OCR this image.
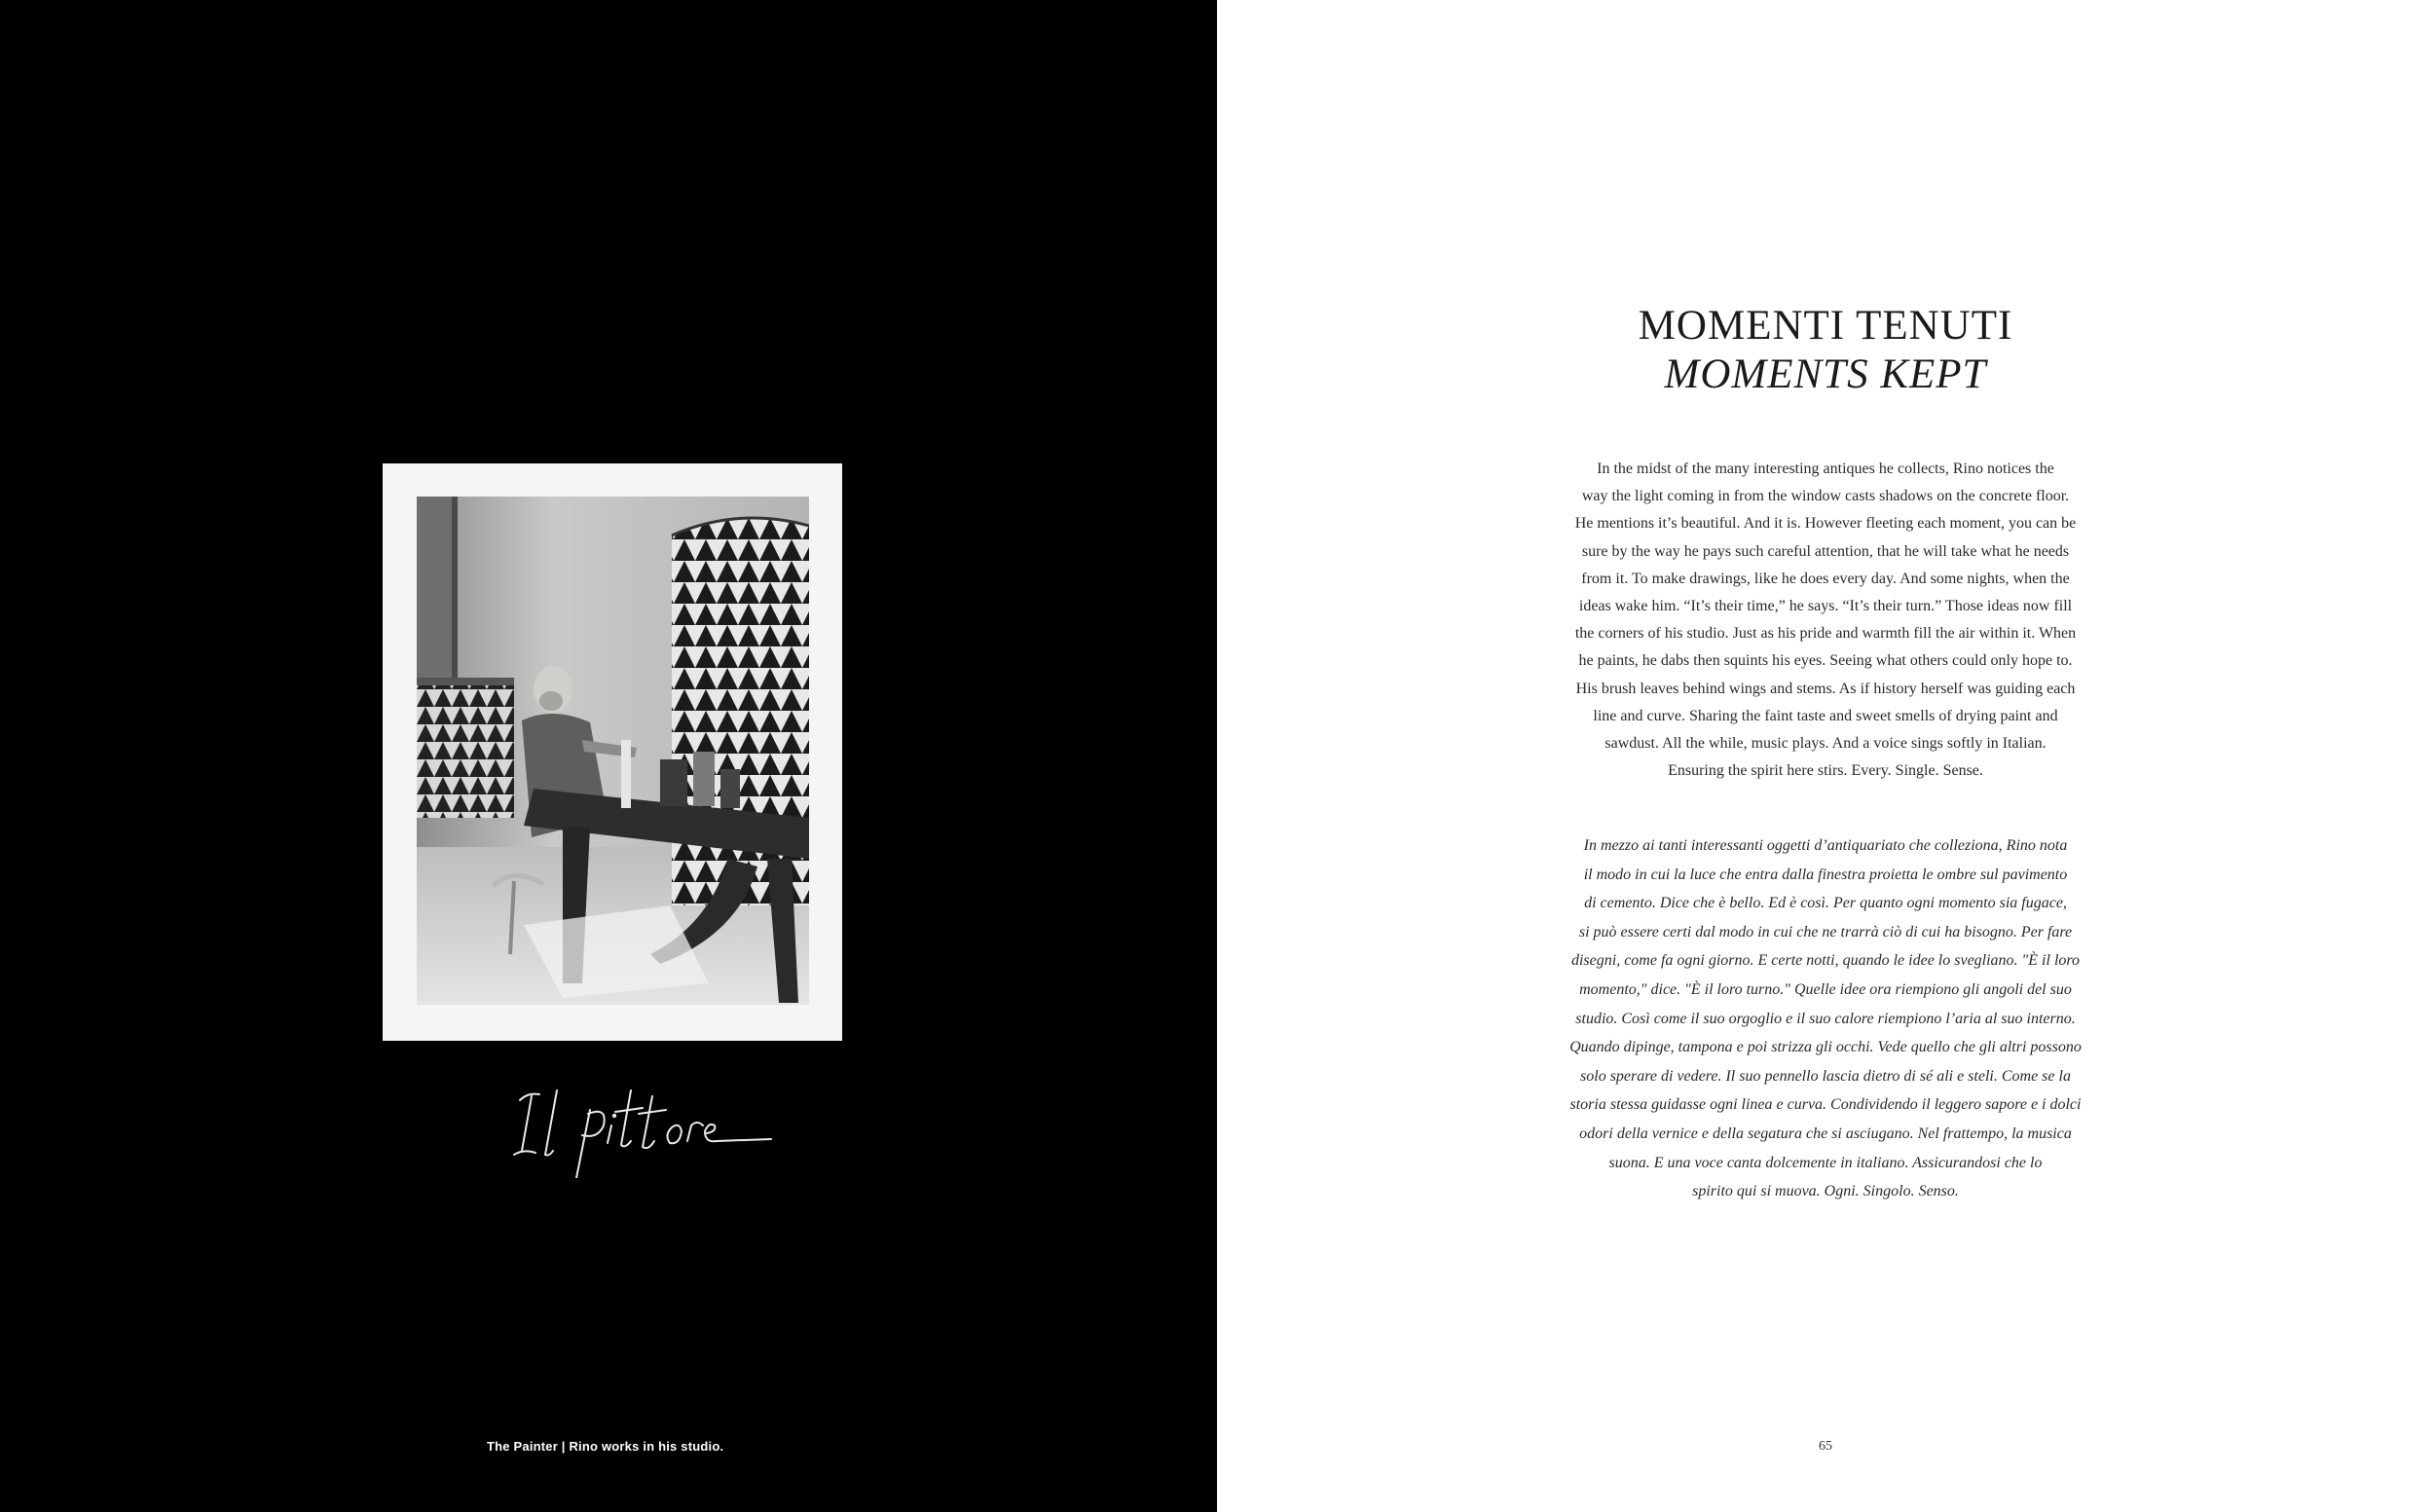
The Painter | Rino works in his studio.
MOMENTI TENUTI
MOMENTS KEPT
In the midst of the many interesting antiques he collects, Rino notices the
way the light coming in from the window casts shadows on the concrete floor.
He mentions it’s beautiful. And it is. However fleeting each moment, you can be
sure by the way he pays such careful attention, that he will take what he needs
from it. To make drawings, like he does every day. And some nights, when the
ideas wake him. “It’s their time,” he says. “It’s their turn.” Those ideas now fill
the corners of his studio. Just as his pride and warmth fill the air within it. When
he paints, he dabs then squints his eyes. Seeing what others could only hope to.
His brush leaves behind wings and stems. As if history herself was guiding each
line and curve. Sharing the faint taste and sweet smells of drying paint and
sawdust. All the while, music plays. And a voice sings softly in Italian.
Ensuring the spirit here stirs. Every. Single. Sense.
In mezzo ai tanti interessanti oggetti d’antiquariato che colleziona, Rino nota
il modo in cui la luce che entra dalla finestra proietta le ombre sul pavimento
di cemento. Dice che è bello. Ed è così. Per quanto ogni momento sia fugace,
si può essere certi dal modo in cui che ne trarrà ciò di cui ha bisogno. Per fare
disegni, come fa ogni giorno. E certe notti, quando le idee lo svegliano. "È il loro
momento," dice. "È il loro turno." Quelle idee ora riempiono gli angoli del suo
studio. Così come il suo orgoglio e il suo calore riempiono l’aria al suo interno.
Quando dipinge, tampona e poi strizza gli occhi. Vede quello che gli altri possono
solo sperare di vedere. Il suo pennello lascia dietro di sé ali e steli. Come se la
storia stessa guidasse ogni linea e curva. Condividendo il leggero sapore e i dolci
odori della vernice e della segatura che si asciugano. Nel frattempo, la musica
suona. E una voce canta dolcemente in italiano. Assicurandosi che lo
spirito qui si muova. Ogni. Singolo. Senso.
65
